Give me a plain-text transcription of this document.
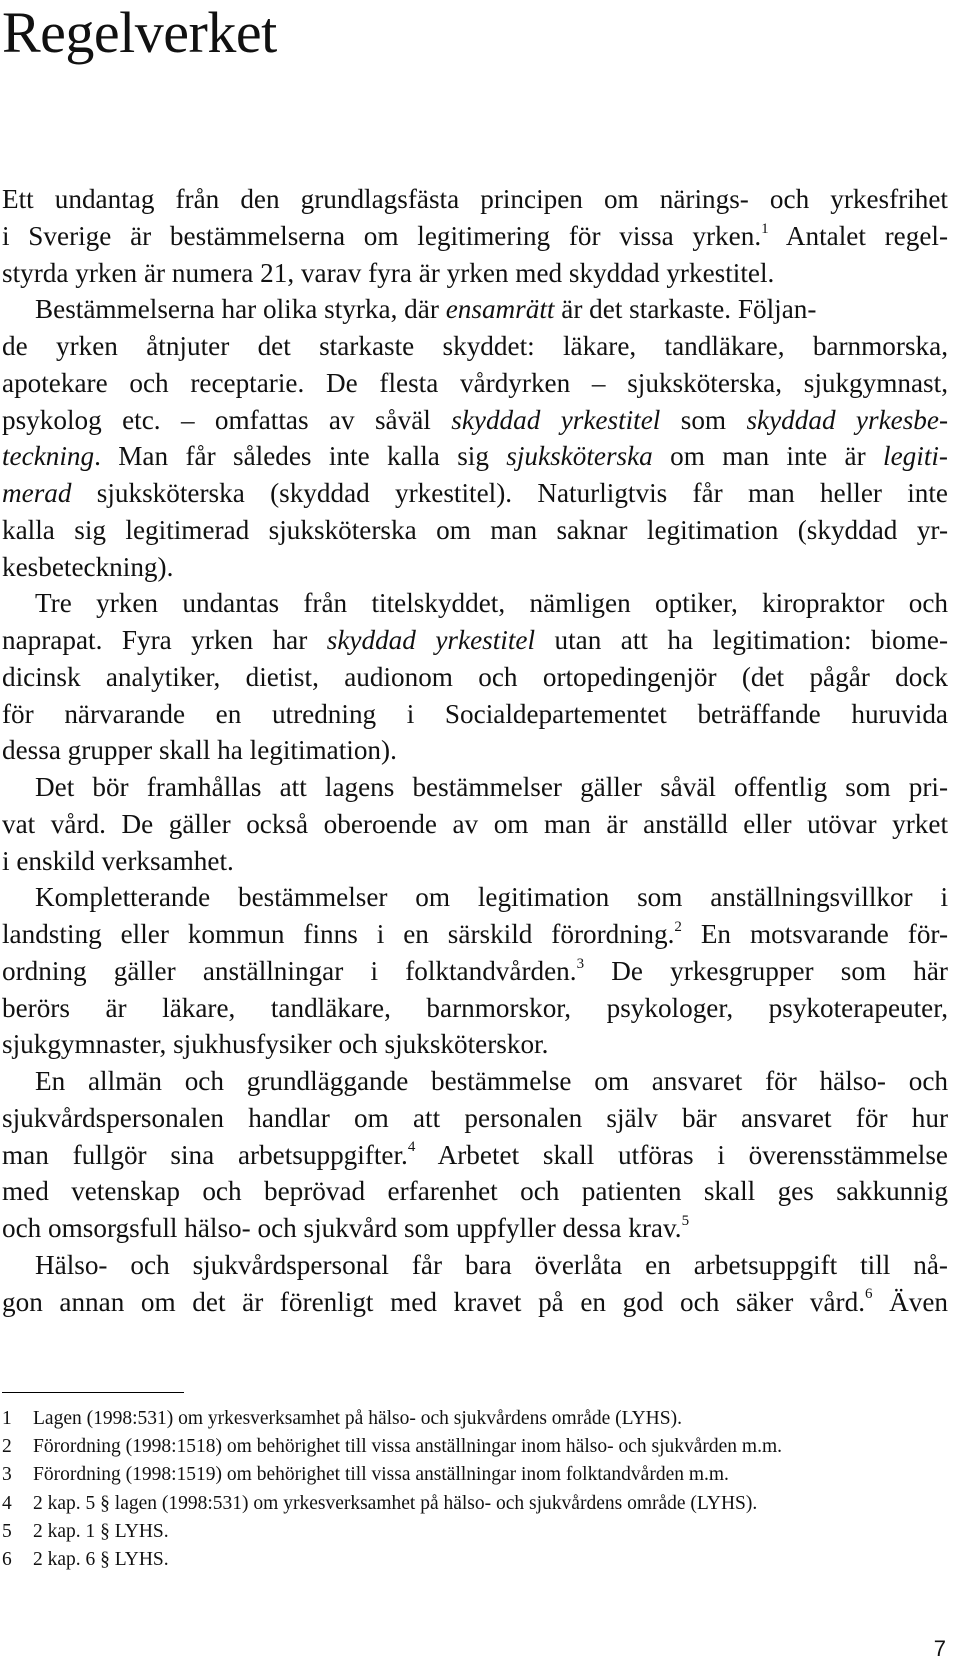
Regelverket
Ett undantag från den grundlagsfästa principen om närings- och yrkesfrihet
i Sverige är bestämmelserna om legitimering för vissa yrken.$^1$ Antalet regel-
styrda yrken är numera 21, varav fyra är yrken med skyddad yrkestitel.
Bestämmelserna har olika styrka, där ensamrätt är det starkaste. Följan-
de yrken åtnjuter det starkaste skyddet: läkare, tandläkare, barnmorska,
apotekare och receptarie. De flesta vårdyrken – sjuksköterska, sjukgymnast,
psykolog etc. – omfattas av såväl skyddad yrkestitel som skyddad yrkesbe-
teckning. Man får således inte kalla sig sjuksköterska om man inte är legiti-
merad sjuksköterska (skyddad yrkestitel). Naturligtvis får man heller inte
kalla sig legitimerad sjuksköterska om man saknar legitimation (skyddad yr-
kesbeteckning).
Tre yrken undantas från titelskyddet, nämligen optiker, kiropraktor och
naprapat. Fyra yrken har skyddad yrkestitel utan att ha legitimation: biome-
dicinsk analytiker, dietist, audionom och ortopedingenjör (det pågår dock
för närvarande en utredning i Socialdepartementet beträffande huruvida
dessa grupper skall ha legitimation).
Det bör framhållas att lagens bestämmelser gäller såväl offentlig som pri-
vat vård. De gäller också oberoende av om man är anställd eller utövar yrket
i enskild verksamhet.
Kompletterande bestämmelser om legitimation som anställningsvillkor i
landsting eller kommun finns i en särskild förordning.$^2$ En motsvarande för-
ordning gäller anställningar i folktandvården.$^3$ De yrkesgrupper som här
berörs är läkare, tandläkare, barnmorskor, psykologer, psykoterapeuter,
sjukgymnaster, sjukhusfysiker och sjuksköterskor.
En allmän och grundläggande bestämmelse om ansvaret för hälso- och
sjukvårdspersonalen handlar om att personalen själv bär ansvaret för hur
man fullgör sina arbetsuppgifter.$^4$ Arbetet skall utföras i överensstämmelse
med vetenskap och beprövad erfarenhet och patienten skall ges sakkunnig
och omsorgsfull hälso- och sjukvård som uppfyller dessa krav.$^5$
Hälso- och sjukvårdspersonal får bara överlåta en arbetsuppgift till nå-
gon annan om det är förenligt med kravet på en god och säker vård.$^6$ Även
1 Lagen (1998:531) om yrkesverksamhet på hälso- och sjukvårdens område (LYHS).
2 Förordning (1998:1518) om behörighet till vissa anställningar inom hälso- och sjukvården m.m.
3 Förordning (1998:1519) om behörighet till vissa anställningar inom folktandvården m.m.
4 2 kap. 5 § lagen (1998:531) om yrkesverksamhet på hälso- och sjukvårdens område (LYHS).
5 2 kap. 1 § LYHS.
6 2 kap. 6 § LYHS.
7
